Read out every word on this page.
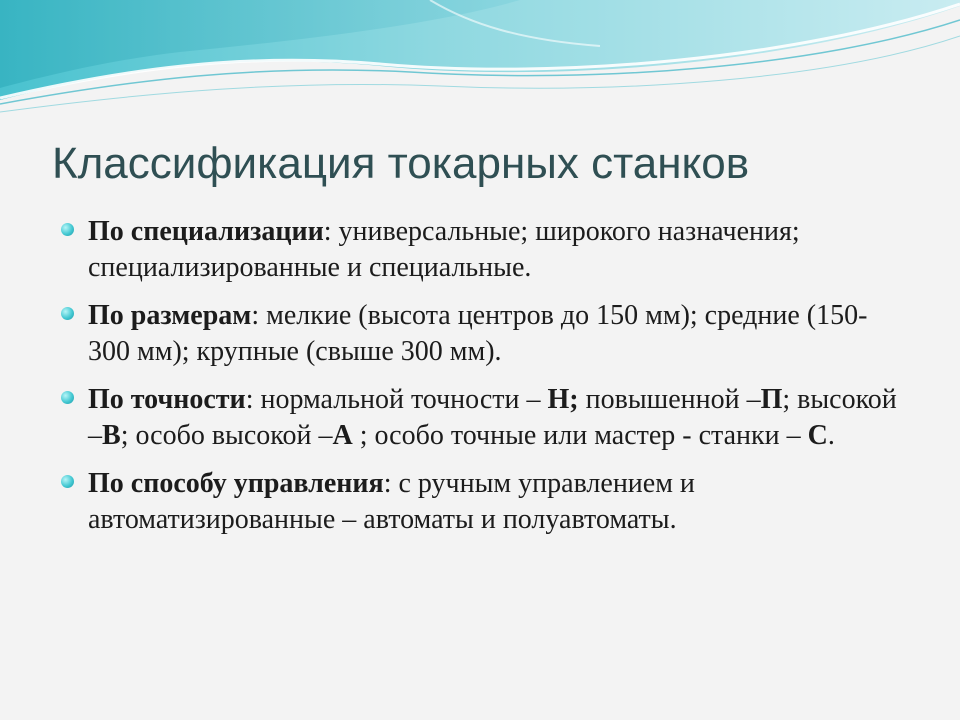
Классификация токарных станков
По специализации: универсальные; широкого назначения; специализированные и специальные.
По размерам: мелкие (высота центров до 150 мм); средние (150-300 мм); крупные (свыше 300 мм).
По точности: нормальной точности – Н; повышенной –П; высокой –В; особо высокой –А ; особо точные или мастер - станки – С.
По способу управления: с ручным управлением и автоматизированные – автоматы и полуавтоматы.
